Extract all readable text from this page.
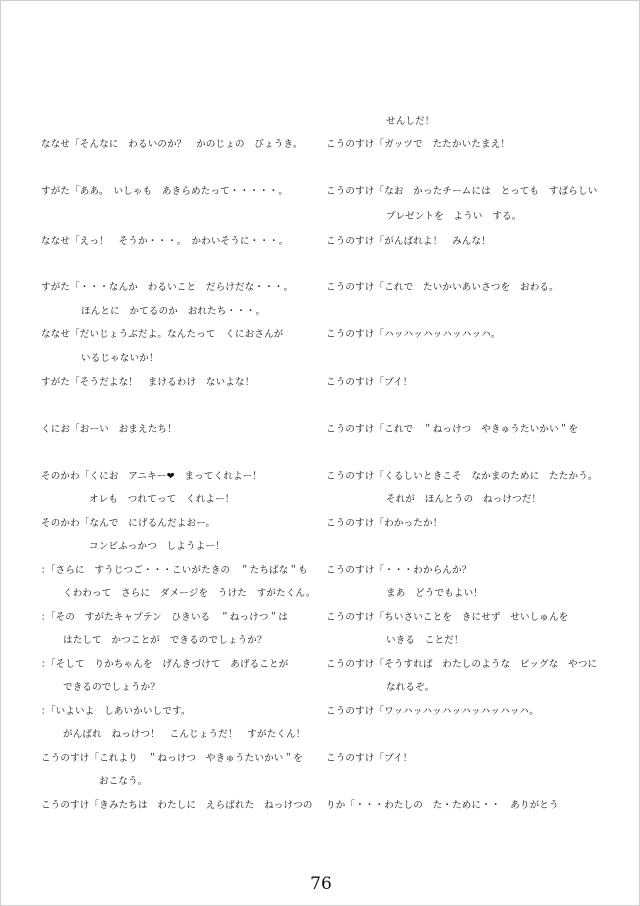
ななせ「そんなに　わるいのか？　かのじょの　びょうき。
すがた「ああ。　いしゃも　あきらめたって・・・・・。
ななせ「えっ！　そうか・・・。　かわいそうに・・・。
すがた「・・・なんか　わるいこと　だらけだな・・・。
ほんとに　かてるのか　おれたち・・・。
ななせ「だいじょうぶだよ。なんたって　くにおさんが
いるじゃないか！
すがた「そうだよな！　まけるわけ　ないよな！
くにお「おーい　おまえたち！
そのかわ「くにお　アニキー❤　まってくれよー！
オレも　つれてって　くれよー！
そのかわ「なんで　にげるんだよおー。
コンビふっかつ　しようよー！
：「さらに　すうじつご・・・こいがたきの　＂たちばな＂も
くわわって　さらに　ダメージを　うけた　すがたくん。
：「その　すがたキャプテン　ひきいる　＂ねっけつ＂は
はたして　かつことが　できるのでしょうか？
：「そして　りかちゃんを　げんきづけて　あげることが
できるのでしょうか？
：「いよいよ　しあいかいしです。
がんばれ　ねっけつ！　こんじょうだ！　すがたくん！
こうのすけ「これより　＂ねっけつ　やきゅうたいかい＂を
おこなう。
こうのすけ「きみたちは　わたしに　えらばれた　ねっけつの
せんしだ！
こうのすけ「ガッツで　たたかいたまえ！
こうのすけ「なお　かったチームには　とっても　すばらしい
プレゼントを　ようい　する。
こうのすけ「がんばれよ！　みんな！
こうのすけ「これで　たいかいあいさつを　おわる。
こうのすけ「ハッハッハッハッハッハ。
こうのすけ「ブイ！
こうのすけ「これで　＂ねっけつ　やきゅうたいかい＂を
こうのすけ「くるしいときこそ　なかまのために　たたかう。
それが　ほんとうの　ねっけつだ！
こうのすけ「わかったか！
こうのすけ「・・・わからんか？
まあ　どうでもよい！
こうのすけ「ちいさいことを　きにせず　せいしゅんを
いきる　ことだ！
こうのすけ「そうすれば　わたしのような　ビッグな　やつに
なれるぞ。
こうのすけ「ワッハッハッハッハッハッハッハ。
こうのすけ「ブイ！
りか「・・・わたしの　た・ために・・　ありがとう
76
